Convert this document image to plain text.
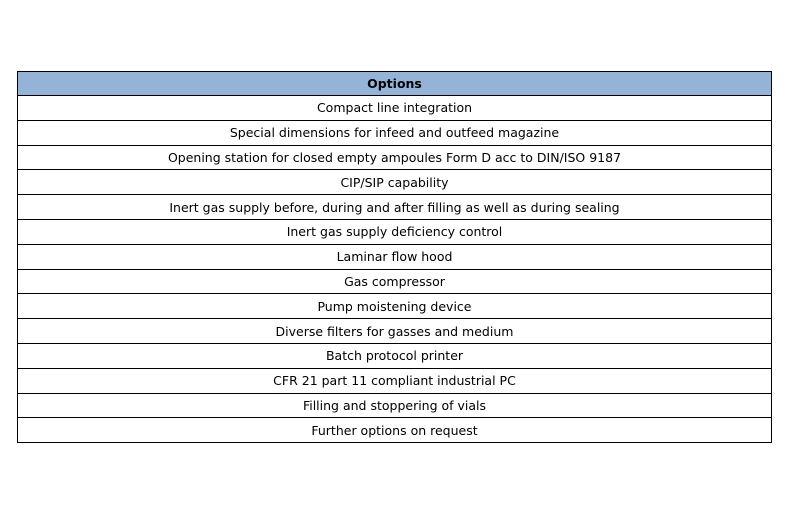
Options
Compact line integration
Special dimensions for infeed and outfeed magazine
Opening station for closed empty ampoules Form D acc to DIN/ISO 9187
CIP/SIP capability
Inert gas supply before, during and after filling as well as during sealing
Inert gas supply deficiency control
Laminar flow hood
Gas compressor
Pump moistening device
Diverse filters for gasses and medium
Batch protocol printer
CFR 21 part 11 compliant industrial PC
Filling and stoppering of vials
Further options on request
